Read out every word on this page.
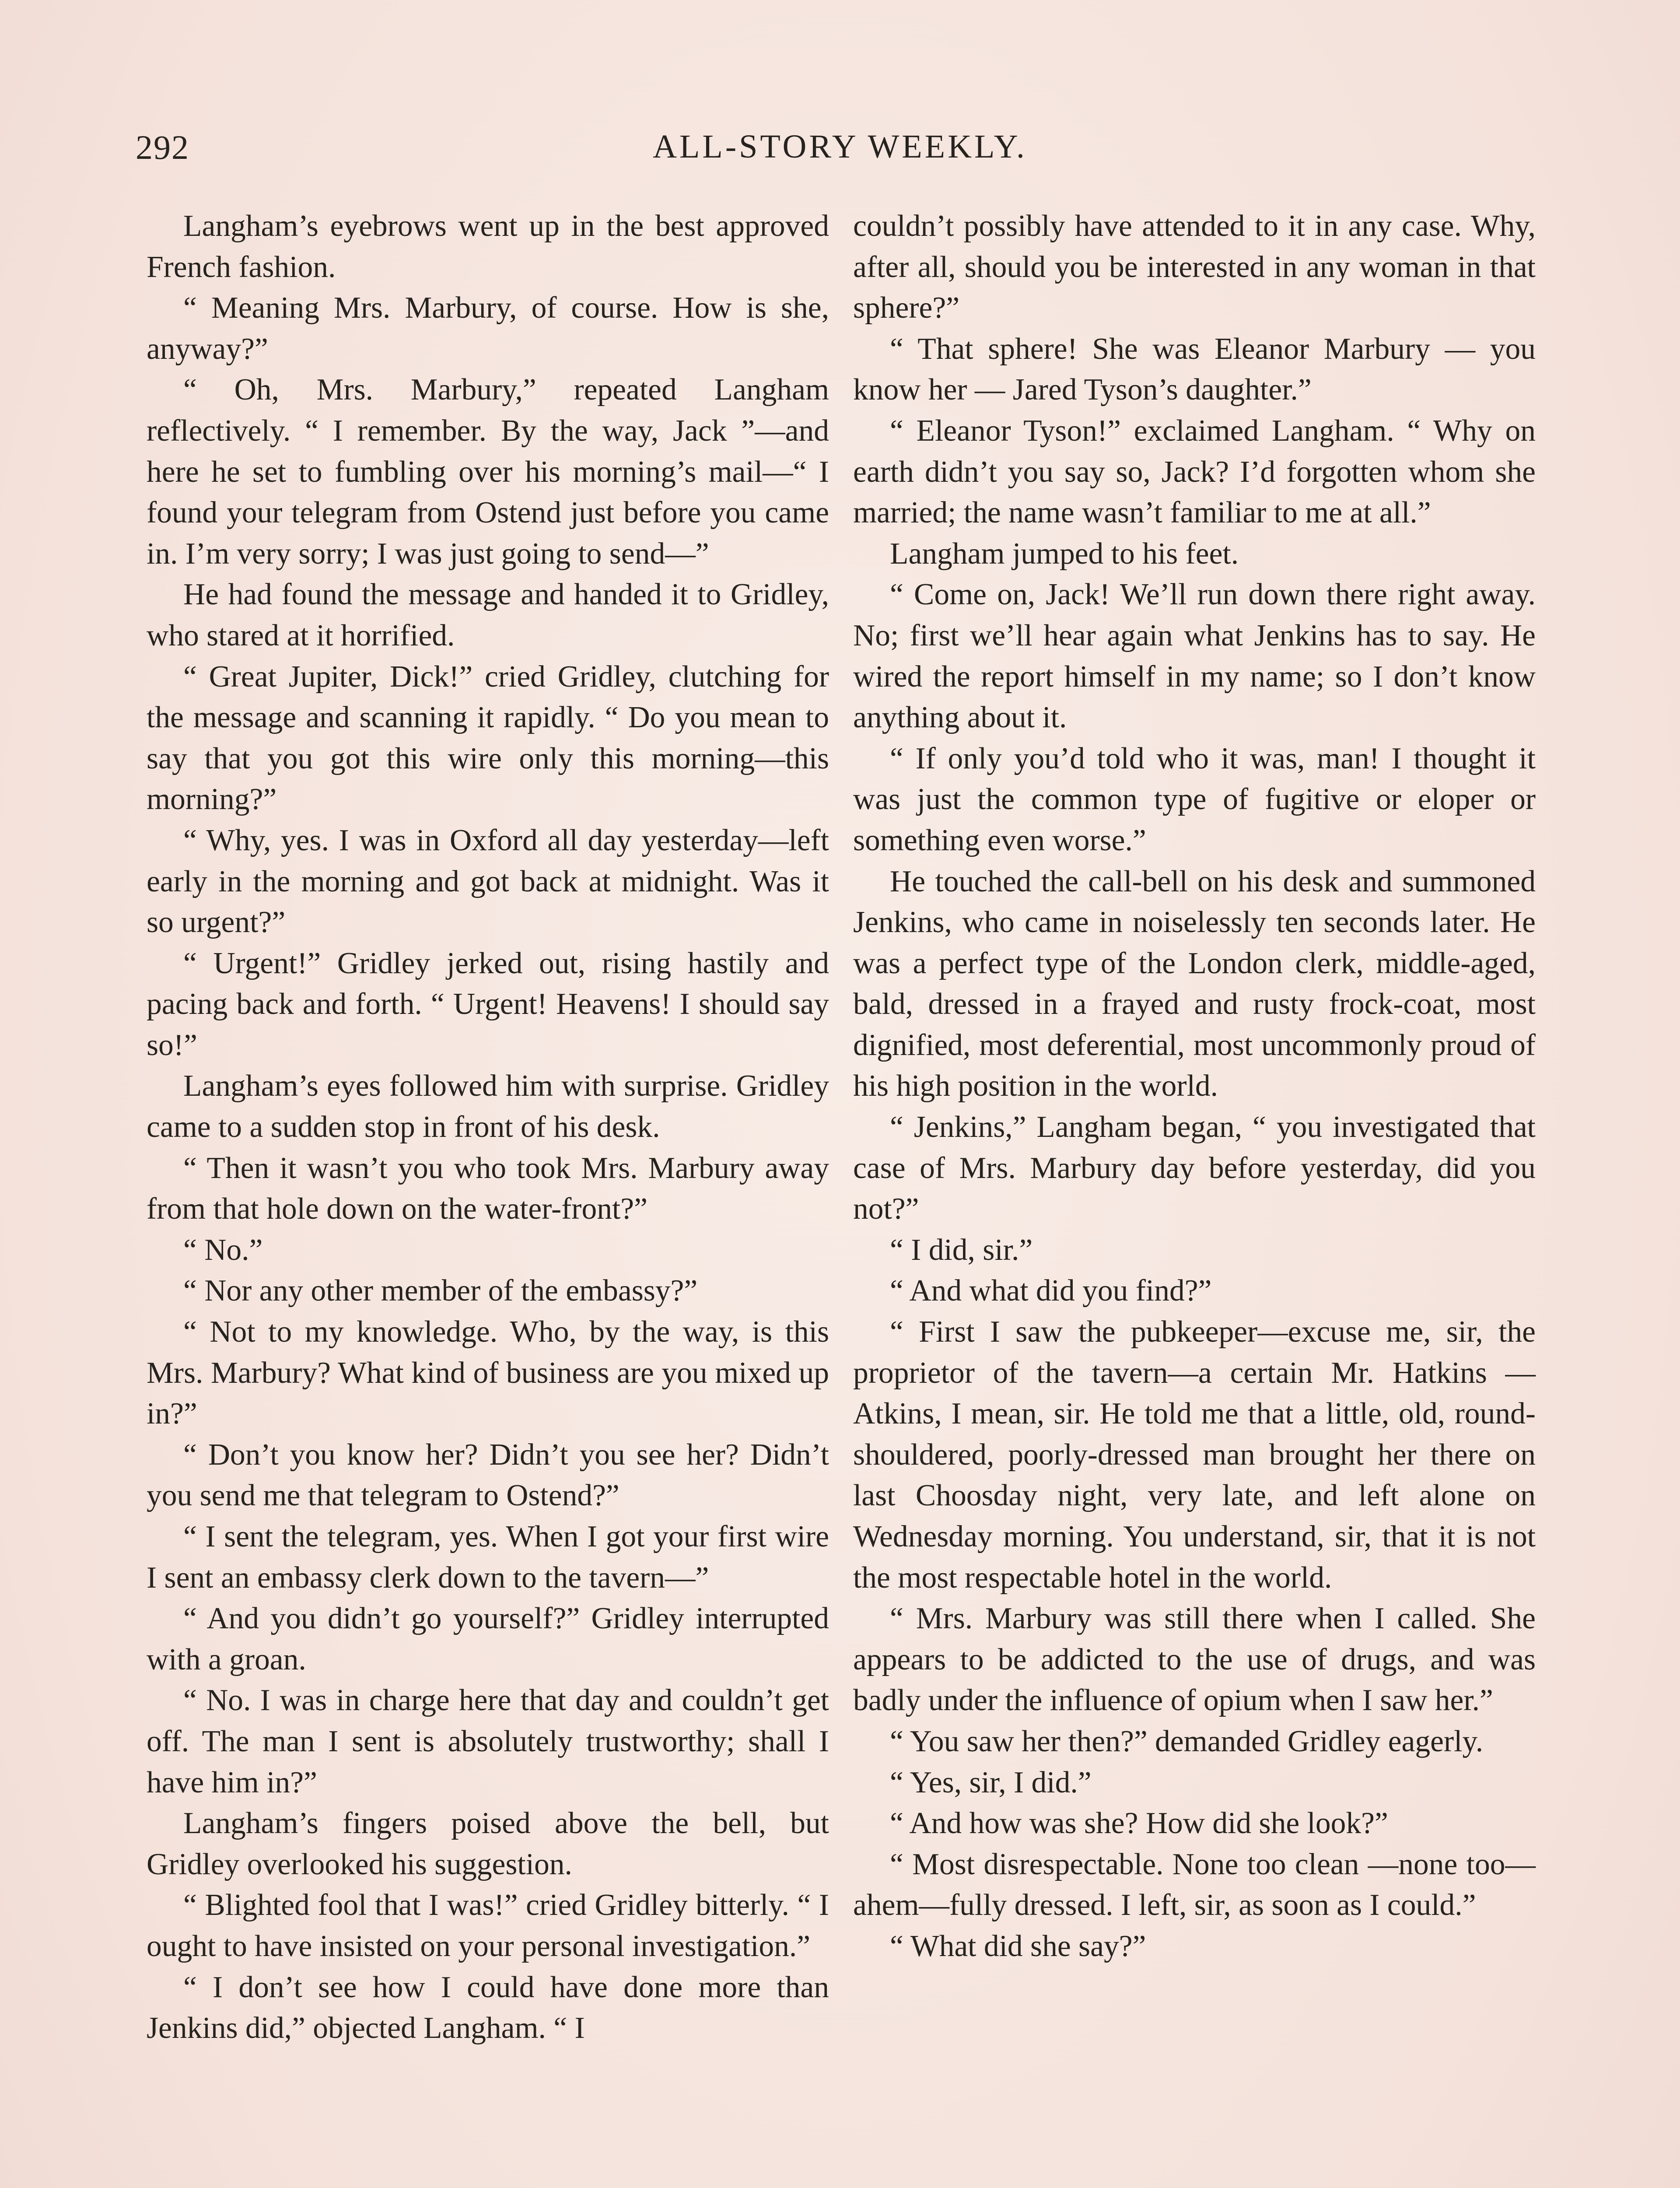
292	ALL-STORY WEEKLY.

Langham’s eyebrows went up in the best approved French fashion.

“ Meaning Mrs. Marbury, of course. How is she, anyway?”

“ Oh, Mrs. Marbury,” repeated Langham reflectively. “ I remember. By the way, Jack ”—and here he set to fumbling over his morning’s mail—“ I found your telegram from Ostend just before you came in. I’m very sorry; I was just going to send—”

He had found the message and handed it to Gridley, who stared at it horrified.

“ Great Jupiter, Dick!” cried Gridley, clutching for the message and scanning it rapidly. “ Do you mean to say that you got this wire only this morning—this morning?”

“ Why, yes. I was in Oxford all day yesterday—left early in the morning and got back at midnight. Was it so urgent?”

“ Urgent!” Gridley jerked out, rising hastily and pacing back and forth. “ Urgent! Heavens! I should say so!”

Langham’s eyes followed him with surprise. Gridley came to a sudden stop in front of his desk.

“ Then it wasn’t you who took Mrs. Marbury away from that hole down on the water-front?”

“ No.”

“ Nor any other member of the embassy?”

“ Not to my knowledge. Who, by the way, is this Mrs. Marbury? What kind of business are you mixed up in?”

“ Don’t you know her? Didn’t you see her? Didn’t you send me that telegram to Ostend?”

“ I sent the telegram, yes. When I got your first wire I sent an embassy clerk down to the tavern—”

“ And you didn’t go yourself?” Gridley interrupted with a groan.

“ No. I was in charge here that day and couldn’t get off. The man I sent is absolutely trustworthy; shall I have him in?”

Langham’s fingers poised above the bell, but Gridley overlooked his suggestion.

“ Blighted fool that I was!” cried Gridley bitterly. “ I ought to have insisted on your personal investigation.”

“ I don’t see how I could have done more than Jenkins did,” objected Langham. “ I

couldn’t possibly have attended to it in any case. Why, after all, should you be interested in any woman in that sphere?”

“ That sphere! She was Eleanor Marbury — you know her — Jared Tyson’s daughter.”

“ Eleanor Tyson!” exclaimed Langham. “ Why on earth didn’t you say so, Jack? I’d forgotten whom she married; the name wasn’t familiar to me at all.”

Langham jumped to his feet.

“ Come on, Jack! We’ll run down there right away. No; first we’ll hear again what Jenkins has to say. He wired the report himself in my name; so I don’t know anything about it.

“ If only you’d told who it was, man! I thought it was just the common type of fugitive or eloper or something even worse.”

He touched the call-bell on his desk and summoned Jenkins, who came in noiselessly ten seconds later. He was a perfect type of the London clerk, middle-aged, bald, dressed in a frayed and rusty frock-coat, most dignified, most deferential, most uncommonly proud of his high position in the world.

“ Jenkins,” Langham began, “ you investigated that case of Mrs. Marbury day before yesterday, did you not?”

“ I did, sir.”

“ And what did you find?”

“ First I saw the pubkeeper—excuse me, sir, the proprietor of the tavern—a certain Mr. Hatkins — Atkins, I mean, sir. He told me that a little, old, round-shouldered, poorly-dressed man brought her there on last Choosday night, very late, and left alone on Wednesday morning. You understand, sir, that it is not the most respectable hotel in the world.

“ Mrs. Marbury was still there when I called. She appears to be addicted to the use of drugs, and was badly under the influence of opium when I saw her.”

“ You saw her then?” demanded Gridley eagerly.

“ Yes, sir, I did.”

“ And how was she? How did she look?”

“ Most disrespectable. None too clean —none too—ahem—fully dressed. I left, sir, as soon as I could.”

“ What did she say?”
